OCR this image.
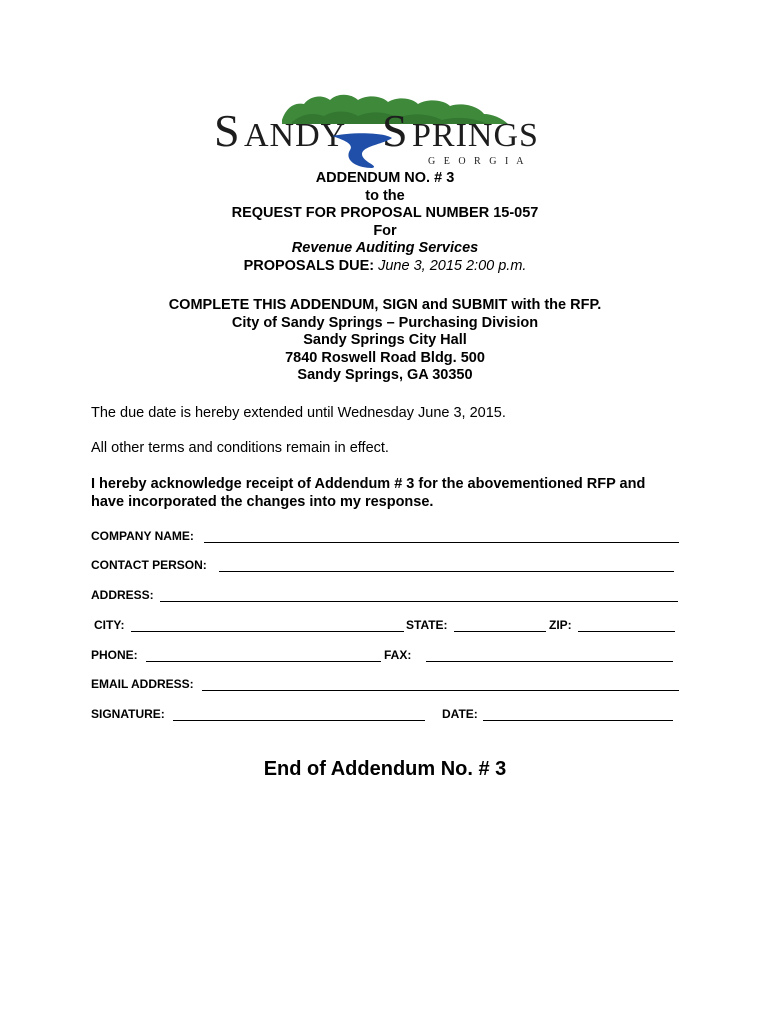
S ANDY S PRINGS
G E O R G I A
ADDENDUM NO. # 3
to the
REQUEST FOR PROPOSAL NUMBER 15-057
For
Revenue Auditing Services
PROPOSALS DUE: June 3, 2015 2:00 p.m.
COMPLETE THIS ADDENDUM, SIGN and SUBMIT with the RFP.
City of Sandy Springs – Purchasing Division
Sandy Springs City Hall
7840 Roswell Road Bldg. 500
Sandy Springs, GA 30350
The due date is hereby extended until Wednesday June 3, 2015.
All other terms and conditions remain in effect.
I hereby acknowledge receipt of Addendum # 3 for the abovementioned RFP and
have incorporated the changes into my response.
COMPANY NAME:
CONTACT PERSON:
ADDRESS:
CITY:	STATE:	ZIP:
PHONE:	FAX:
EMAIL ADDRESS:
SIGNATURE:	DATE:
End of Addendum No. # 3
